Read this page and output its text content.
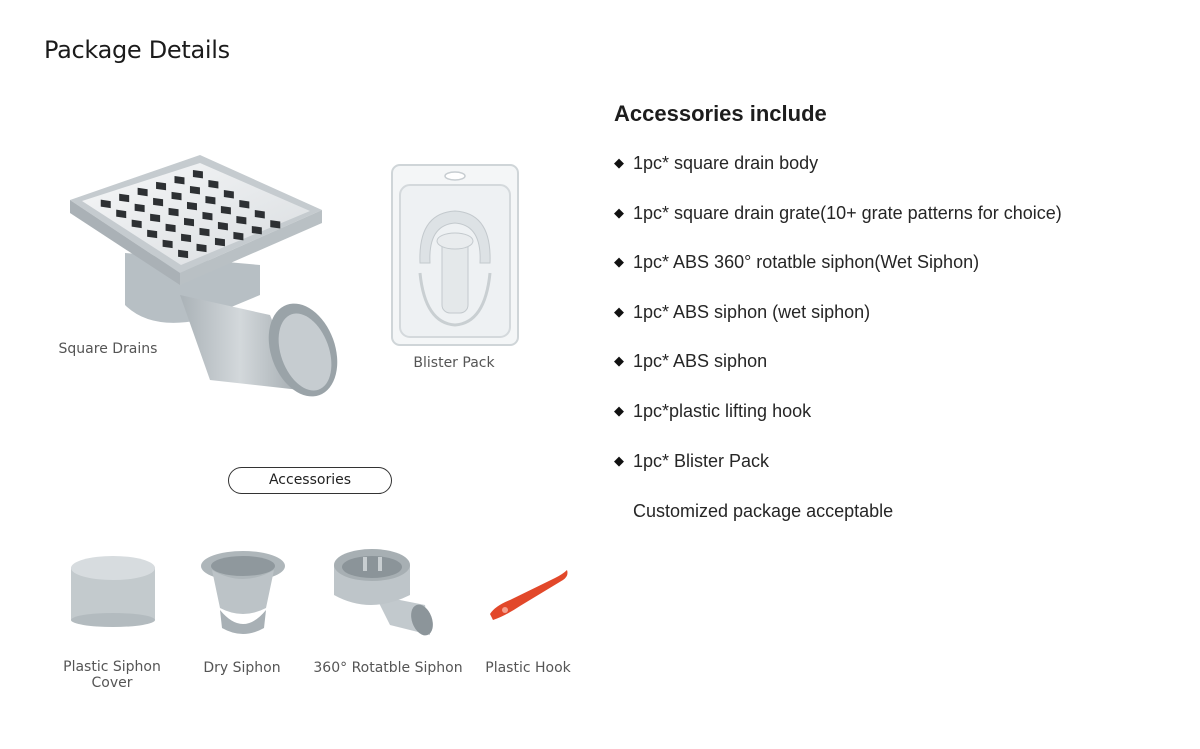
Package Details
Square Drains
Blister Pack
Accessories
Plastic Siphon
Cover
Dry Siphon	360° Rotatble Siphon	Plastic Hook
Accessories include
◆ 1pc* square drain body
◆ 1pc* square drain grate(10+ grate patterns for choice)
◆ 1pc* ABS 360° rotatble siphon(Wet Siphon)
◆ 1pc* ABS siphon (wet siphon)
◆ 1pc* ABS siphon
◆ 1pc*plastic lifting hook
◆ 1pc* Blister Pack
Customized package acceptable
